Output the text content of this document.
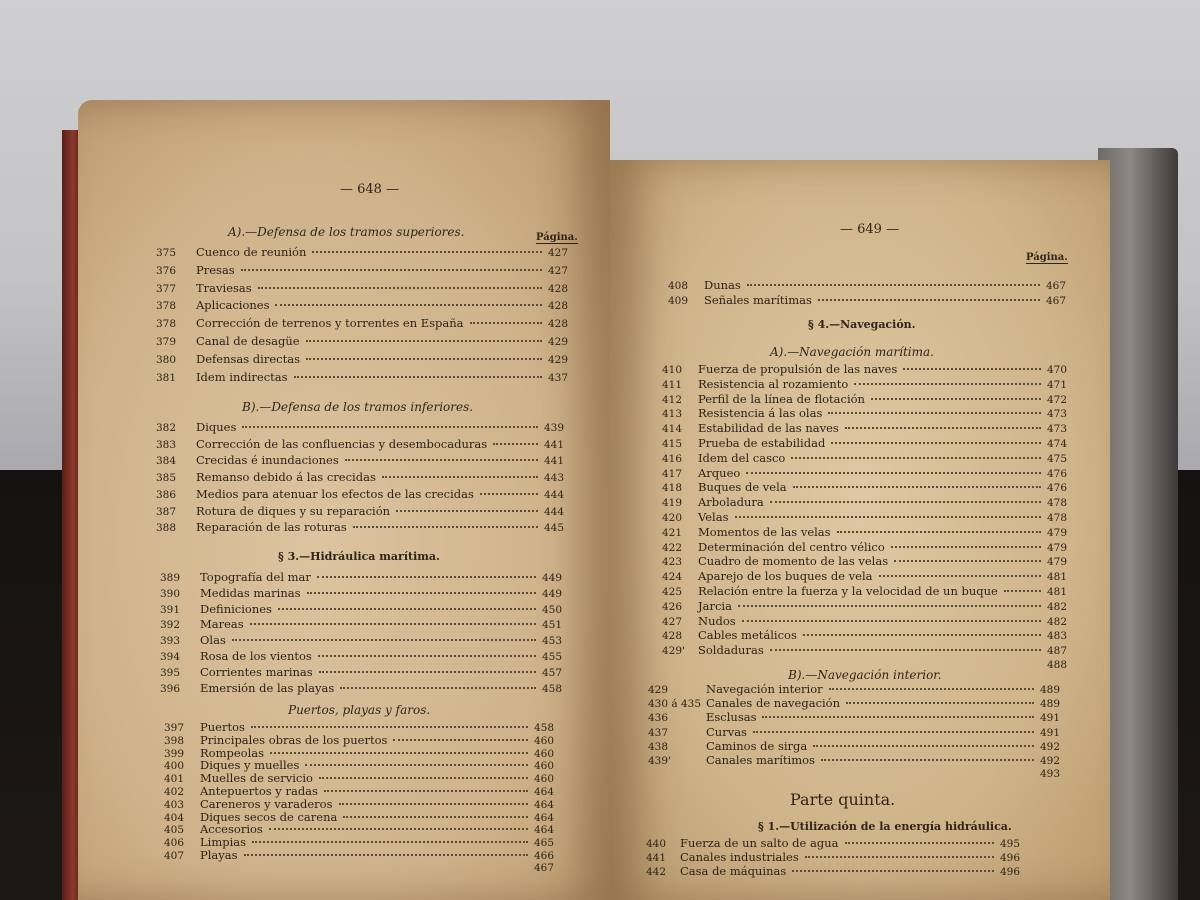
— 648 —
A).—Defensa de los tramos superiores.	Página.
375	Cuenco de reunión	427
376	Presas	427
377	Traviesas	428
378	Aplicaciones	428
378	Corrección de terrenos y torrentes en España	428
379	Canal de desagüe	429
380	Defensas directas	429
381	Idem indirectas	437
B).—Defensa de los tramos inferiores.
382	Diques	439
383	Corrección de las confluencias y desembocaduras	441
384	Crecidas é inundaciones	441
385	Remanso debido á las crecidas	443
386	Medios para atenuar los efectos de las crecidas	444
387	Rotura de diques y su reparación	444
388	Reparación de las roturas	445
§ 3.—Hidráulica marítima.
389	Topografía del mar	449
390	Medidas marinas	449
391	Definiciones	450
392	Mareas	451
393	Olas	453
394	Rosa de los vientos	455
395	Corrientes marinas	457
396	Emersión de las playas	458
Puertos, playas y faros.
397	Puertos	458
398	Principales obras de los puertos	460
399	Rompeolas	460
400	Diques y muelles	460
401	Muelles de servicio	460
402	Antepuertos y radas	464
403	Careneros y varaderos	464
404	Diques secos de carena	464
405	Accesorios	464
406	Limpias	465
407	Playas	466
467
— 649 —
Página.
408	Dunas	467
409	Señales marítimas	467
§ 4.—Navegación.
A).—Navegación marítima.
410	Fuerza de propulsión de las naves	470
411	Resistencia al rozamiento	471
412	Perfil de la línea de flotación	472
413	Resistencia á las olas	473
414	Estabilidad de las naves	473
415	Prueba de estabilidad	474
416	Idem del casco	475
417	Arqueo	476
418	Buques de vela	476
419	Arboladura	478
420	Velas	478
421	Momentos de las velas	479
422	Determinación del centro vélico	479
423	Cuadro de momento de las velas	479
424	Aparejo de los buques de vela	481
425	Relación entre la fuerza y la velocidad de un buque	481
426	Jarcia	482
427	Nudos	482
428	Cables metálicos	483
429'	Soldaduras	487
488
B).—Navegación interior.
429	Navegación interior	489
430 á 435 Canales de navegación	489
436	Esclusas	491
437	Curvas	491
438	Caminos de sirga	492
439'	Canales marítimos	492
493
Parte quinta.
§ 1.—Utilización de la energía hidráulica.
440	Fuerza de un salto de agua	495
441	Canales industriales	496
442	Casa de máquinas	496
